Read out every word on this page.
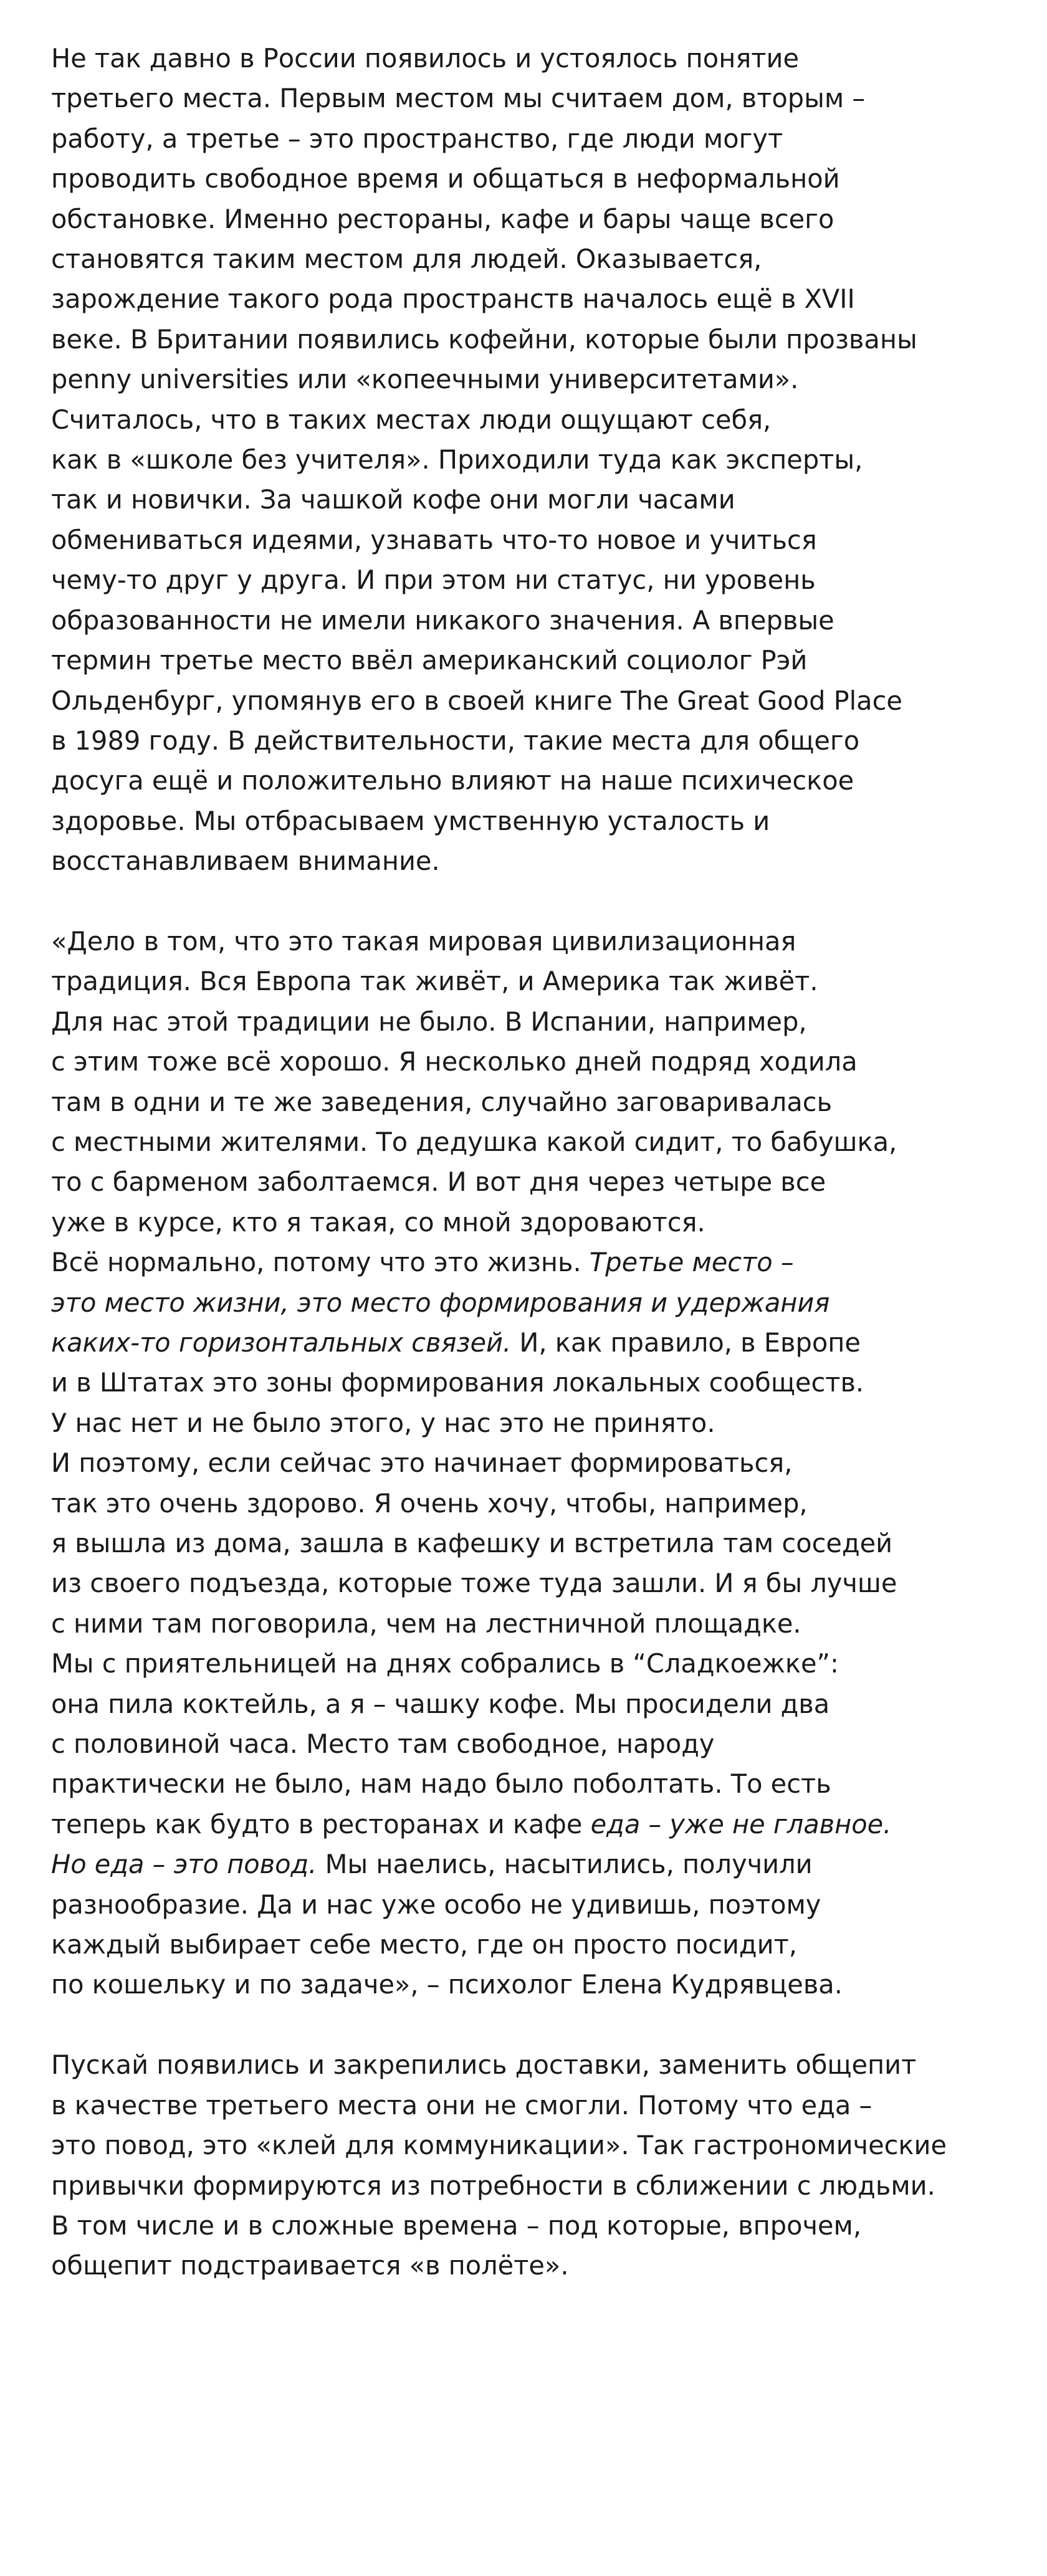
Не так давно в России появилось и устоялось понятие
третьего места. Первым местом мы считаем дом, вторым –
работу, а третье – это пространство, где люди могут
проводить свободное время и общаться в неформальной
обстановке. Именно рестораны, кафе и бары чаще всего
становятся таким местом для людей. Оказывается,
зарождение такого рода пространств началось ещё в XVII
веке. В Британии появились кофейни, которые были прозваны
penny universities или «копеечными университетами».
Считалось, что в таких местах люди ощущают себя,
как в «школе без учителя». Приходили туда как эксперты,
так и новички. За чашкой кофе они могли часами
обмениваться идеями, узнавать что-то новое и учиться
чему-то друг у друга. И при этом ни статус, ни уровень
образованности не имели никакого значения. А впервые
термин третье место ввёл американский социолог Рэй
Ольденбург, упомянув его в своей книге The Great Good Place
в 1989 году. В действительности, такие места для общего
досуга ещё и положительно влияют на наше психическое
здоровье. Мы отбрасываем умственную усталость и
восстанавливаем внимание.
«Дело в том, что это такая мировая цивилизационная
традиция. Вся Европа так живёт, и Америка так живёт.
Для нас этой традиции не было. В Испании, например,
с этим тоже всё хорошо. Я несколько дней подряд ходила
там в одни и те же заведения, случайно заговаривалась
с местными жителями. То дедушка какой сидит, то бабушка,
то с барменом заболтаемся. И вот дня через четыре все
уже в курсе, кто я такая, со мной здороваются.
Всё нормально, потому что это жизнь. Третье место –
это место жизни, это место формирования и удержания
каких-то горизонтальных связей. И, как правило, в Европе
и в Штатах это зоны формирования локальных сообществ.
У нас нет и не было этого, у нас это не принято.
И поэтому, если сейчас это начинает формироваться,
так это очень здорово. Я очень хочу, чтобы, например,
я вышла из дома, зашла в кафешку и встретила там соседей
из своего подъезда, которые тоже туда зашли. И я бы лучше
с ними там поговорила, чем на лестничной площадке.
Мы с приятельницей на днях собрались в “Сладкоежке”:
она пила коктейль, а я – чашку кофе. Мы просидели два
с половиной часа. Место там свободное, народу
практически не было, нам надо было поболтать. То есть
теперь как будто в ресторанах и кафе еда – уже не главное.
Но еда – это повод. Мы наелись, насытились, получили
разнообразие. Да и нас уже особо не удивишь, поэтому
каждый выбирает себе место, где он просто посидит,
по кошельку и по задаче», – психолог Елена Кудрявцева.
Пускай появились и закрепились доставки, заменить общепит
в качестве третьего места они не смогли. Потому что еда –
это повод, это «клей для коммуникации». Так гастрономические
привычки формируются из потребности в сближении с людьми.
В том числе и в сложные времена – под которые, впрочем,
общепит подстраивается «в полёте».
